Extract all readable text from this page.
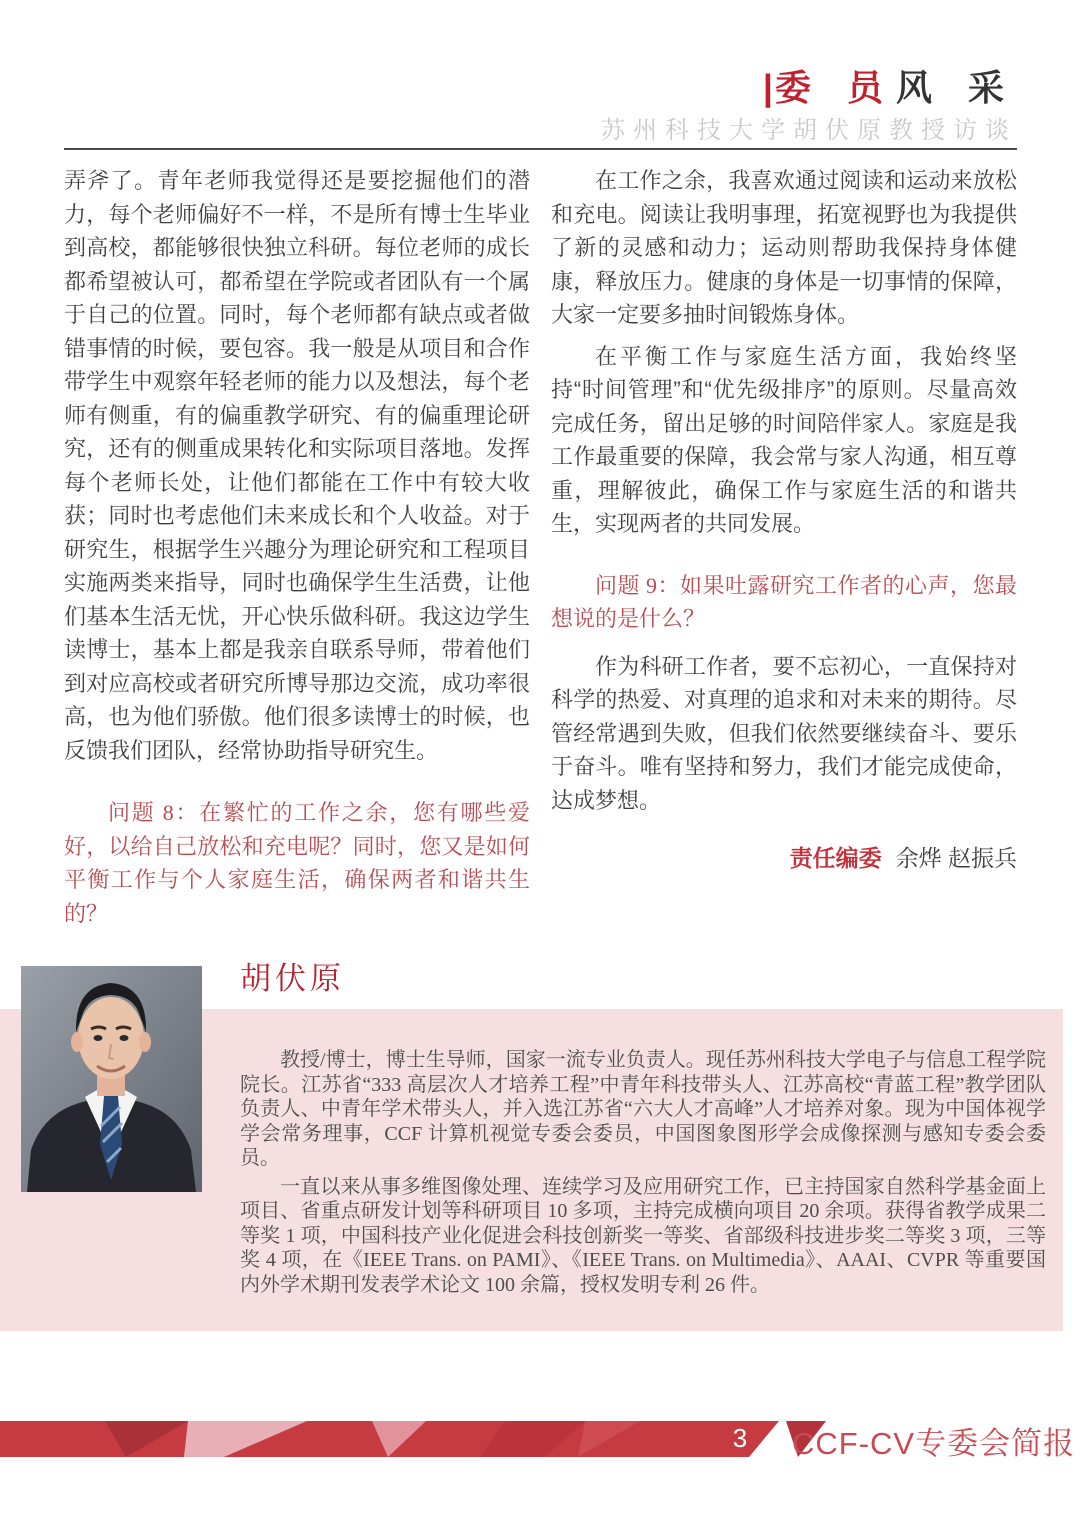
|委 员风 采
苏州科技大学胡伏原教授访谈

弄斧了。青年老师我觉得还是要挖掘他们的潜力，每个老师偏好不一样，不是所有博士生毕业到高校，都能够很快独立科研。每位老师的成长都希望被认可，都希望在学院或者团队有一个属于自己的位置。同时，每个老师都有缺点或者做错事情的时候，要包容。我一般是从项目和合作带学生中观察年轻老师的能力以及想法，每个老师有侧重，有的偏重教学研究、有的偏重理论研究，还有的侧重成果转化和实际项目落地。发挥每个老师长处，让他们都能在工作中有较大收获；同时也考虑他们未来成长和个人收益。对于研究生，根据学生兴趣分为理论研究和工程项目实施两类来指导，同时也确保学生生活费，让他们基本生活无忧，开心快乐做科研。我这边学生读博士，基本上都是我亲自联系导师，带着他们到对应高校或者研究所博导那边交流，成功率很高，也为他们骄傲。他们很多读博士的时候，也反馈我们团队，经常协助指导研究生。

问题 8：在繁忙的工作之余，您有哪些爱好，以给自己放松和充电呢？同时，您又是如何平衡工作与个人家庭生活，确保两者和谐共生的？

在工作之余，我喜欢通过阅读和运动来放松和充电。阅读让我明事理，拓宽视野也为我提供了新的灵感和动力；运动则帮助我保持身体健康，释放压力。健康的身体是一切事情的保障，大家一定要多抽时间锻炼身体。

在平衡工作与家庭生活方面，我始终坚持“时间管理”和“优先级排序”的原则。尽量高效完成任务，留出足够的时间陪伴家人。家庭是我工作最重要的保障，我会常与家人沟通，相互尊重，理解彼此，确保工作与家庭生活的和谐共生，实现两者的共同发展。

问题 9：如果吐露研究工作者的心声，您最想说的是什么？

作为科研工作者，要不忘初心，一直保持对科学的热爱、对真理的追求和对未来的期待。尽管经常遇到失败，但我们依然要继续奋斗、要乐于奋斗。唯有坚持和努力，我们才能完成使命，达成梦想。

责任编委 余烨 赵振兵
胡伏原

教授/博士，博士生导师，国家一流专业负责人。现任苏州科技大学电子与信息工程学院院长。江苏省“333 高层次人才培养工程”中青年科技带头人、江苏高校“青蓝工程”教学团队负责人、中青年学术带头人，并入选江苏省“六大人才高峰”人才培养对象。现为中国体视学学会常务理事，CCF 计算机视觉专委会委员，中国图象图形学会成像探测与感知专委会委员。

一直以来从事多维图像处理、连续学习及应用研究工作，已主持国家自然科学基金面上项目、省重点研发计划等科研项目 10 多项，主持完成横向项目 20 余项。获得省教学成果二等奖 1 项，中国科技产业化促进会科技创新奖一等奖、省部级科技进步奖二等奖 3 项，三等奖 4 项，在《IEEE Trans. on PAMI》、《IEEE Trans. on Multimedia》、AAAI、CVPR 等重要国内外学术期刊发表学术论文 100 余篇，授权发明专利 26 件。

3	CCF-CV专委会简报
